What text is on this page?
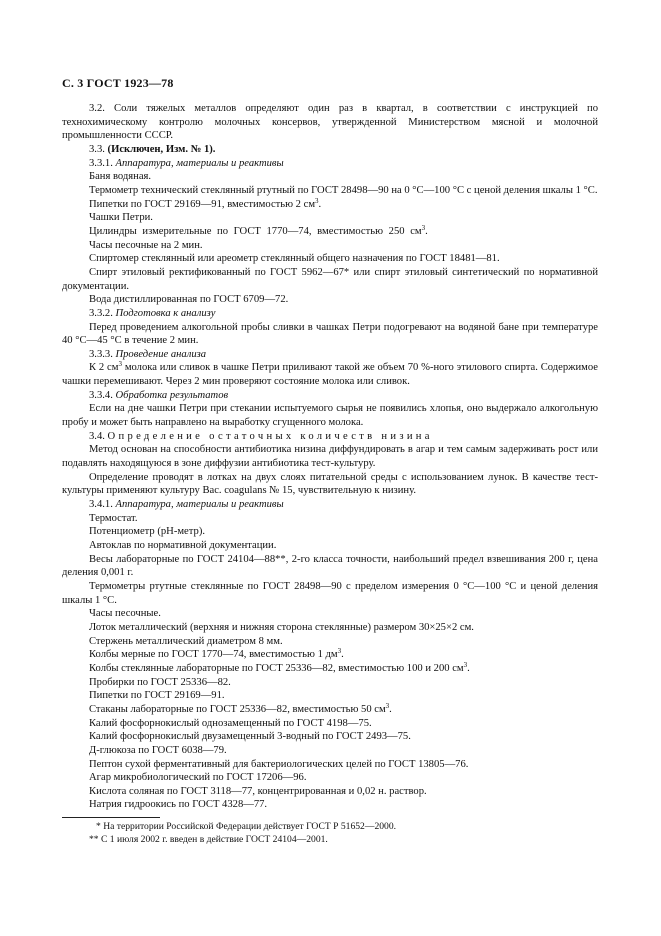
С. 3 ГОСТ 1923—78

3.2. Соли тяжелых металлов определяют один раз в квартал, в соответствии с инструкцией по технохимическому контролю молочных консервов, утвержденной Министерством мясной и молочной промышленности СССР.

3.3. (Исключен, Изм. № 1).

3.3.1. Аппаратура, материалы и реактивы

Баня водяная.

Термометр технический стеклянный ртутный по ГОСТ 28498—90 на 0 °С—100 °С с ценой деления шкалы 1 °С.

Пипетки по ГОСТ 29169—91, вместимостью 2 $см^3$.

Чашки Петри.

Цилиндры измерительные по ГОСТ 1770—74, вместимостью 250 $см^3$.

Часы песочные на 2 мин.

Спиртомер стеклянный или ареометр стеклянный общего назначения по ГОСТ 18481—81.

Спирт этиловый ректификованный по ГОСТ 5962—67* или спирт этиловый синтетический по нормативной документации.

Вода дистиллированная по ГОСТ 6709—72.

3.3.2. Подготовка к анализу

Перед проведением алкогольной пробы сливки в чашках Петри подогревают на водяной бане при температуре 40 °С—45 °С в течение 2 мин.

3.3.3. Проведение анализа

К 2 $см^3$ молока или сливок в чашке Петри приливают такой же объем 70 %-ного этилового спирта. Содержимое чашки перемешивают. Через 2 мин проверяют состояние молока или сливок.

3.3.4. Обработка результатов

Если на дне чашки Петри при стекании испытуемого сырья не появились хлопья, оно выдержало алкогольную пробу и может быть направлено на выработку сгущенного молока.

3.4. Определение остаточных количеств низина

Метод основан на способности антибиотика низина диффундировать в агар и тем самым задерживать рост или подавлять находящуюся в зоне диффузии антибиотика тест-культуру.

Определение проводят в лотках на двух слоях питательной среды с использованием лунок. В качестве тест-культуры применяют культуру Bac. coagulans № 15, чувствительную к низину.

3.4.1. Аппаратура, материалы и реактивы

Термостат.

Потенциометр (рН-метр).

Автоклав по нормативной документации.

Весы лабораторные по ГОСТ 24104—88**, 2-го класса точности, наибольший предел взвешивания 200 г, цена деления 0,001 г.

Термометры ртутные стеклянные по ГОСТ 28498—90 с пределом измерения 0 °С—100 °С и ценой деления шкалы 1 °С.

Часы песочные.

Лоток металлический (верхняя и нижняя сторона стеклянные) размером 30×25×2 см.

Стержень металлический диаметром 8 мм.

Колбы мерные по ГОСТ 1770—74, вместимостью 1 $дм^3$.

Колбы стеклянные лабораторные по ГОСТ 25336—82, вместимостью 100 и 200 $см^3$.

Пробирки по ГОСТ 25336—82.

Пипетки по ГОСТ 29169—91.

Стаканы лабораторные по ГОСТ 25336—82, вместимостью 50 $см^3$.

Калий фосфорнокислый однозамещенный по ГОСТ 4198—75.

Калий фосфорнокислый двузамещенный 3-водный по ГОСТ 2493—75.

Д-глюкоза по ГОСТ 6038—79.

Пептон сухой ферментативный для бактериологических целей по ГОСТ 13805—76.

Агар микробиологический по ГОСТ 17206—96.

Кислота соляная по ГОСТ 3118—77, концентрированная и 0,02 н. раствор.

Натрия гидроокись по ГОСТ 4328—77.

* На территории Российской Федерации действует ГОСТ Р 51652—2000.

** С 1 июля 2002 г. введен в действие ГОСТ 24104—2001.
